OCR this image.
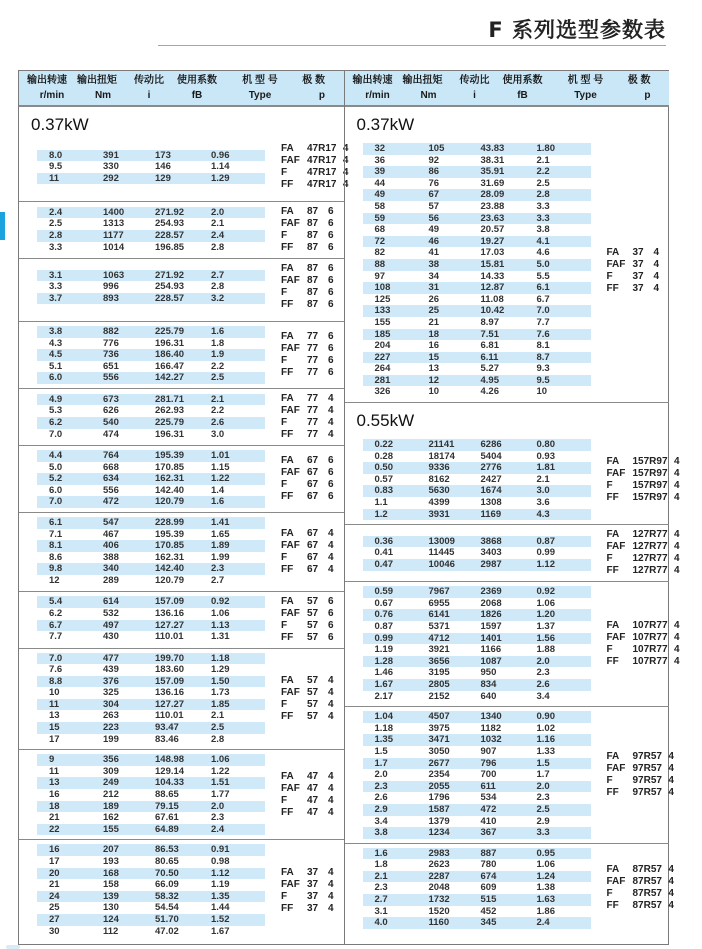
F 系列选型参数表
输出转速	输出扭矩	传动比	使用系数	机 型 号	极 数
r/min	Nm	i	fB	Type	p
0.37kW
8.0	391	173	0.96
9.5	330	146	1.14
11	292	129	1.29
FA	47R17 4
FAF 47R17 4
F	47R17 4
FF	47R17 4
2.4	1400	271.92	2.0
2.5	1313	254.93	2.1
2.8	1177	228.57	2.4
3.3	1014	196.85	2.8
FA	87 6
FAF 87 6
F	87 6
FF	87 6
3.1	1063	271.92	2.7
3.3	996	254.93	2.8
3.7	893	228.57	3.2
FA	87 6
FAF 87 6
F	87 6
FF	87 6
3.8	882	225.79	1.6
4.3	776	196.31	1.8
4.5	736	186.40	1.9
5.1	651	166.47	2.2
6.0	556	142.27	2.5
FA	77 6
FAF 77 6
F	77 6
FF	77 6
4.9	673	281.71	2.1
5.3	626	262.93	2.2
6.2	540	225.79	2.6
7.0	474	196.31	3.0
FA	77 4
FAF 77 4
F	77 4
FF	77 4
4.4	764	195.39	1.01
5.0	668	170.85	1.15
5.2	634	162.31	1.22
6.0	556	142.40	1.4
7.0	472	120.79	1.6
FA	67 6
FAF 67 6
F	67 6
FF	67 6
6.1	547	228.99	1.41
7.1	467	195.39	1.65
8.1	406	170.85	1.89
8.6	388	162.31	1.99
9.8	340	142.40	2.3
12	289	120.79	2.7
FA	67 4
FAF 67 4
F	67 4
FF	67 4
5.4	614	157.09	0.92
6.2	532	136.16	1.06
6.7	497	127.27	1.13
7.7	430	110.01	1.31
FA	57 6
FAF 57 6
F	57 6
FF	57 6
7.0	477	199.70	1.18
7.6	439	183.60	1.29
8.8	376	157.09	1.50
10	325	136.16	1.73
11	304	127.27	1.85
13	263	110.01	2.1
15	223	93.47	2.5
17	199	83.46	2.8
FA	57 4
FAF 57 4
F	57 4
FF	57 4
9	356	148.98	1.06
11	309	129.14	1.22
13	249	104.33	1.51
16	212	88.65	1.77
18	189	79.15	2.0
21	162	67.61	2.3
22	155	64.89	2.4
FA	47 4
FAF 47 4
F	47 4
FF	47 4
16	207	86.53	0.91
17	193	80.65	0.98
20	168	70.50	1.12
21	158	66.09	1.19
24	139	58.32	1.35
25	130	54.54	1.44
27	124	51.70	1.52
30	112	47.02	1.67
FA	37 4
FAF 37 4
F	37 4
FF	37 4
输出转速	输出扭矩	传动比	使用系数	机 型 号	极 数
r/min	Nm	i	fB	Type	p
0.37kW
32	105	43.83	1.80
36	92	38.31	2.1
39	86	35.91	2.2
44	76	31.69	2.5
49	67	28.09	2.8
58	57	23.88	3.3
59	56	23.63	3.3
68	49	20.57	3.8
72	46	19.27	4.1
82	41	17.03	4.6
88	38	15.81	5.0
97	34	14.33	5.5
108	31	12.87	6.1
125	26	11.08	6.7
133	25	10.42	7.0
155	21	8.97	7.7
185	18	7.51	7.6
204	16	6.81	8.1
227	15	6.11	8.7
264	13	5.27	9.3
281	12	4.95	9.5
326	10	4.26	10
FA	37 4
FAF 37 4
F	37 4
FF	37 4
0.55kW
0.22	21141	6286	0.80
0.28	18174	5404	0.93
0.50	9336	2776	1.81
0.57	8162	2427	2.1
0.83	5630	1674	3.0
1.1	4399	1308	3.6
1.2	3931	1169	4.3
FA	157R97 4
FAF 157R97 4
F	157R97 4
FF	157R97 4
0.36	13009	3868	0.87
0.41	11445	3403	0.99
0.47	10046	2987	1.12
FA	127R77 4
FAF 127R77 4
F	127R77 4
FF	127R77 4
0.59	7967	2369	0.92
0.67	6955	2068	1.06
0.76	6141	1826	1.20
0.87	5371	1597	1.37
0.99	4712	1401	1.56
1.19	3921	1166	1.88
1.28	3656	1087	2.0
1.46	3195	950	2.3
1.67	2805	834	2.6
2.17	2152	640	3.4
FA	107R77 4
FAF 107R77 4
F	107R77 4
FF	107R77 4
1.04	4507	1340	0.90
1.18	3975	1182	1.02
1.35	3471	1032	1.16
1.5	3050	907	1.33
1.7	2677	796	1.5
2.0	2354	700	1.7
2.3	2055	611	2.0
2.6	1796	534	2.3
2.9	1587	472	2.5
3.4	1379	410	2.9
3.8	1234	367	3.3
FA	97R57 4
FAF 97R57 4
F	97R57 4
FF	97R57 4
1.6	2983	887	0.95
1.8	2623	780	1.06
2.1	2287	674	1.24
2.3	2048	609	1.38
2.7	1732	515	1.63
3.1	1520	452	1.86
4.0	1160	345	2.4
FA	87R57 4
FAF 87R57 4
F	87R57 4
FF	87R57 4
